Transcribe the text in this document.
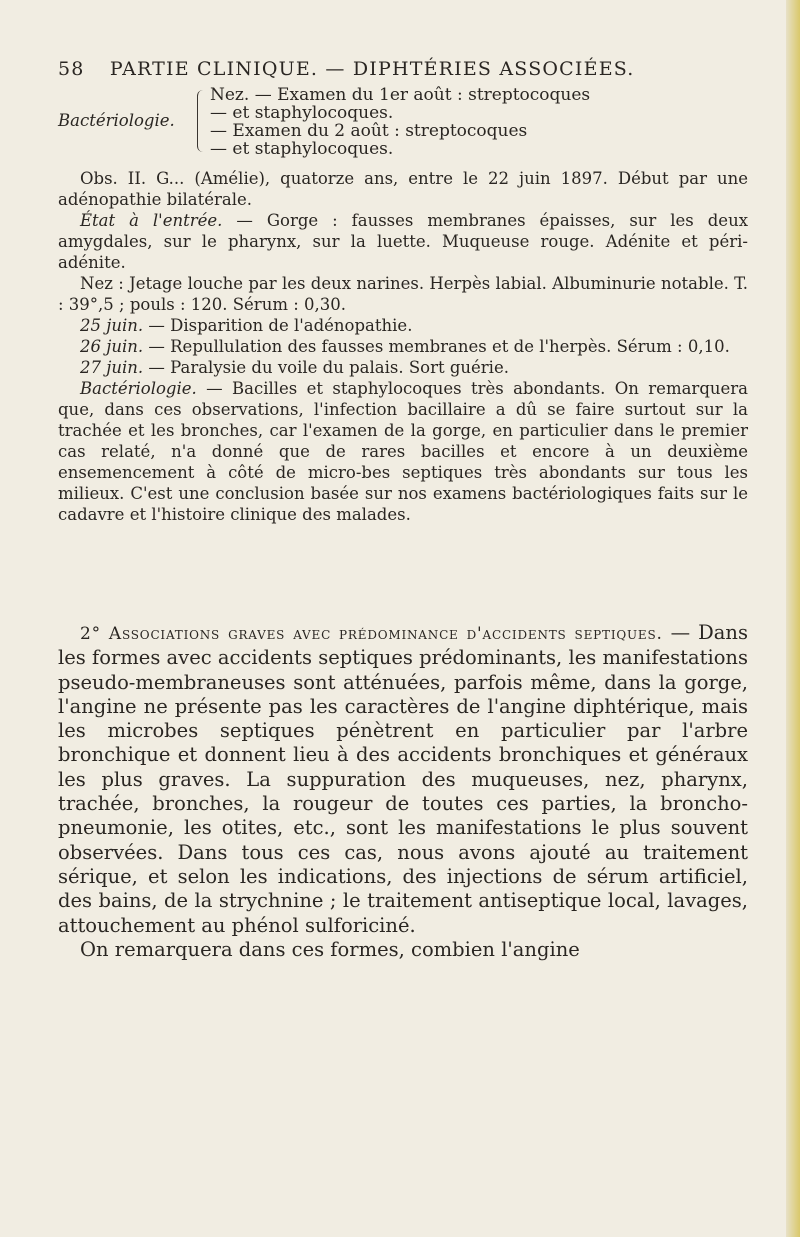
58 PARTIE CLINIQUE. — DIPHTÉRIES ASSOCIÉES.
Bactériologie.
Nez. — Examen du 1er août : streptocoques
— et staphylocoques.
— Examen du 2 août : streptocoques
— et staphylocoques.

Obs. II. G... (Amélie), quatorze ans, entre le 22 juin 1897. Début par une adénopathie bilatérale.

État à l'entrée. — Gorge : fausses membranes épaisses, sur les deux amygdales, sur le pharynx, sur la luette. Muqueuse rouge. Adénite et péri-adénite.

Nez : Jetage louche par les deux narines. Herpès labial. Albuminurie notable. T. : 39°,5 ; pouls : 120. Sérum : 0,30.

25 juin. — Disparition de l'adénopathie.

26 juin. — Repullulation des fausses membranes et de l'herpès. Sérum : 0,10.

27 juin. — Paralysie du voile du palais. Sort guérie.

Bactériologie. — Bacilles et staphylocoques très abondants. On remarquera que, dans ces observations, l'infection bacillaire a dû se faire surtout sur la trachée et les bronches, car l'examen de la gorge, en particulier dans le premier cas relaté, n'a donné que de rares bacilles et encore à un deuxième ensemencement à côté de micro-bes septiques très abondants sur tous les milieux. C'est une conclusion basée sur nos examens bactériologiques faits sur le cadavre et l'histoire clinique des malades.

2° Associations graves avec prédominance d'accidents septiques. — Dans les formes avec accidents septiques prédominants, les manifestations pseudo-membraneuses sont atténuées, parfois même, dans la gorge, l'angine ne présente pas les caractères de l'angine diphtérique, mais les microbes septiques pénètrent en particulier par l'arbre bronchique et donnent lieu à des accidents bronchiques et généraux les plus graves. La suppuration des muqueuses, nez, pharynx, trachée, bronches, la rougeur de toutes ces parties, la broncho-pneumonie, les otites, etc., sont les manifestations le plus souvent observées. Dans tous ces cas, nous avons ajouté au traitement sérique, et selon les indications, des injections de sérum artificiel, des bains, de la strychnine ; le traitement antiseptique local, lavages, attouchement au phénol sulforiciné.

On remarquera dans ces formes, combien l'angine
